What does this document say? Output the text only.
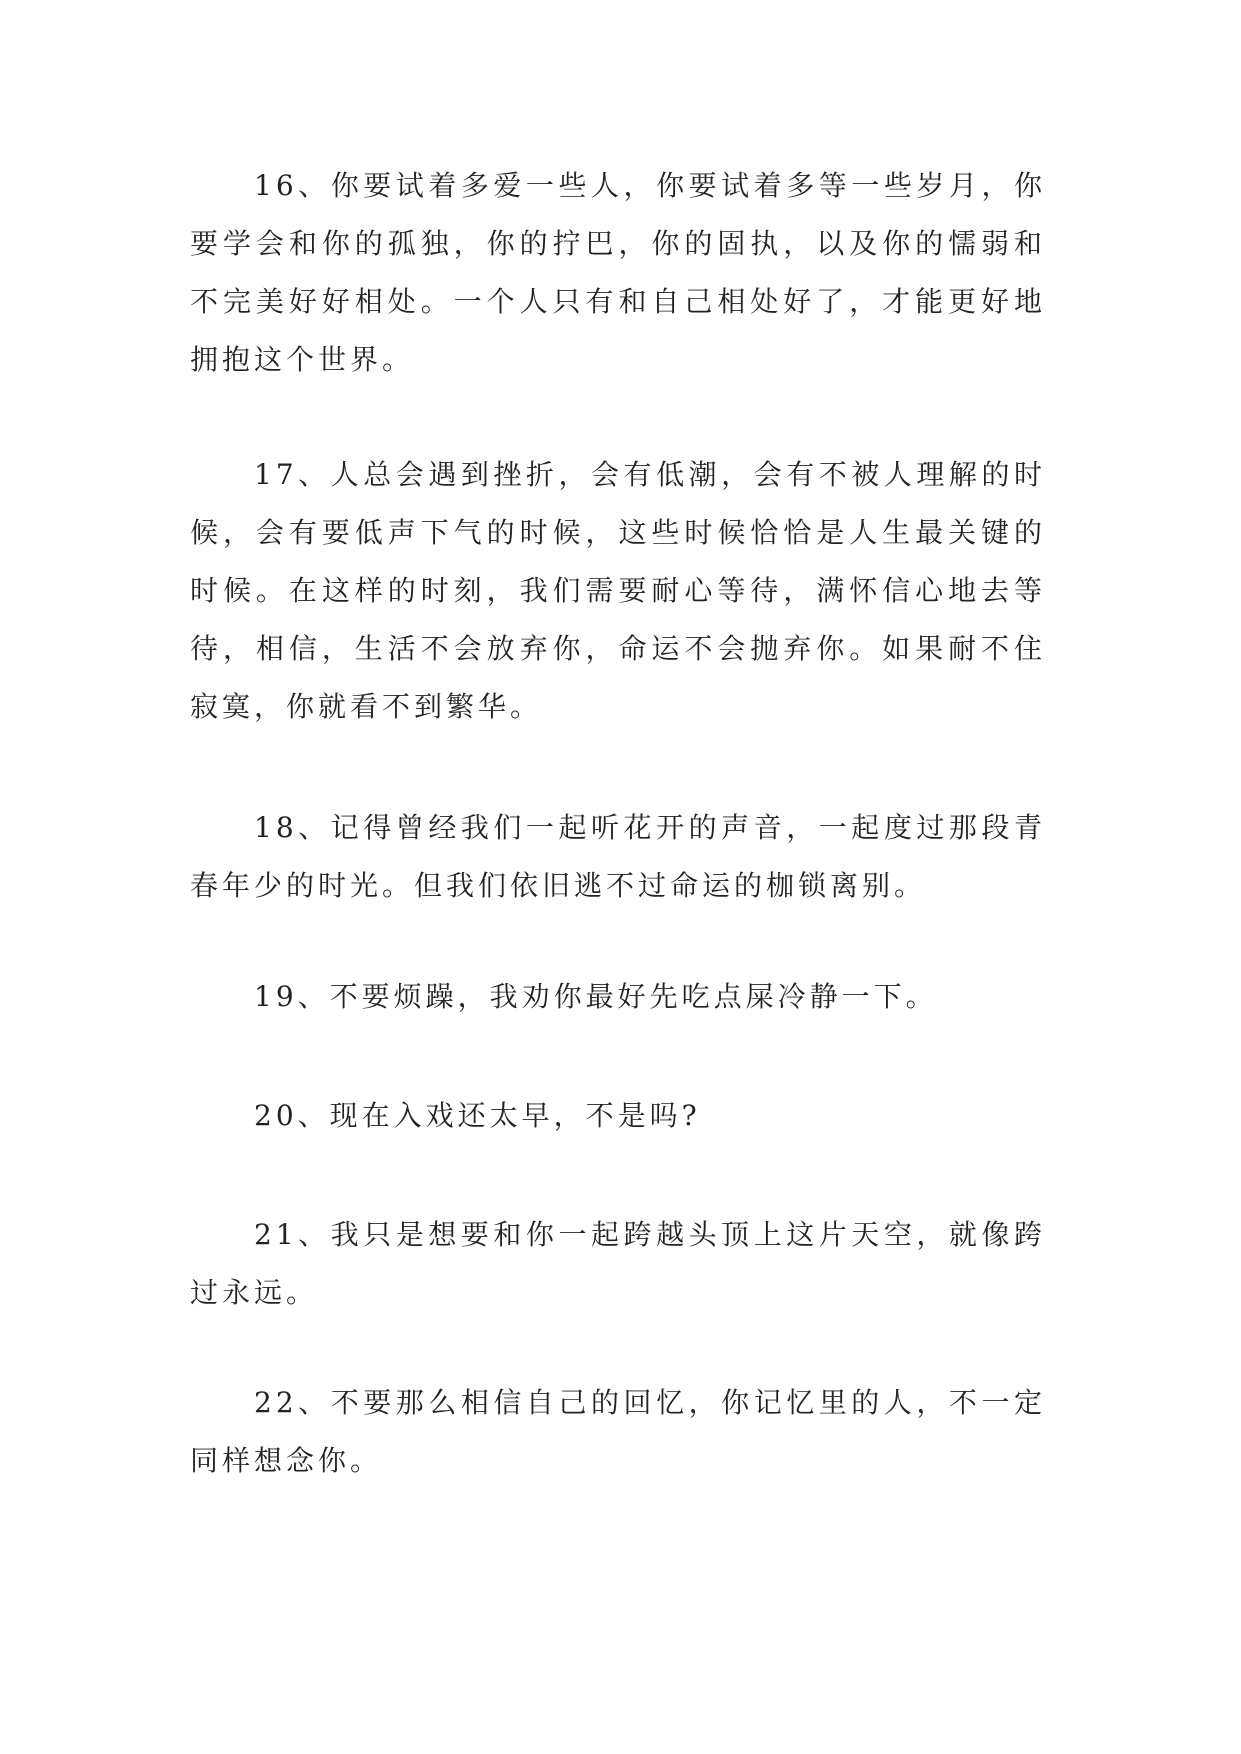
16、你要试着多爱一些人，你要试着多等一些岁月，你要学会和你的孤独，你的拧巴，你的固执，以及你的懦弱和不完美好好相处。一个人只有和自己相处好了，才能更好地拥抱这个世界。

17、人总会遇到挫折，会有低潮，会有不被人理解的时候，会有要低声下气的时候，这些时候恰恰是人生最关键的时候。在这样的时刻，我们需要耐心等待，满怀信心地去等待，相信，生活不会放弃你，命运不会抛弃你。如果耐不住寂寞，你就看不到繁华。

18、记得曾经我们一起听花开的声音，一起度过那段青春年少的时光。但我们依旧逃不过命运的枷锁离别。

19、不要烦躁，我劝你最好先吃点屎冷静一下。

20、现在入戏还太早，不是吗?

21、我只是想要和你一起跨越头顶上这片天空，就像跨过永远。

22、不要那么相信自己的回忆，你记忆里的人，不一定同样想念你。
